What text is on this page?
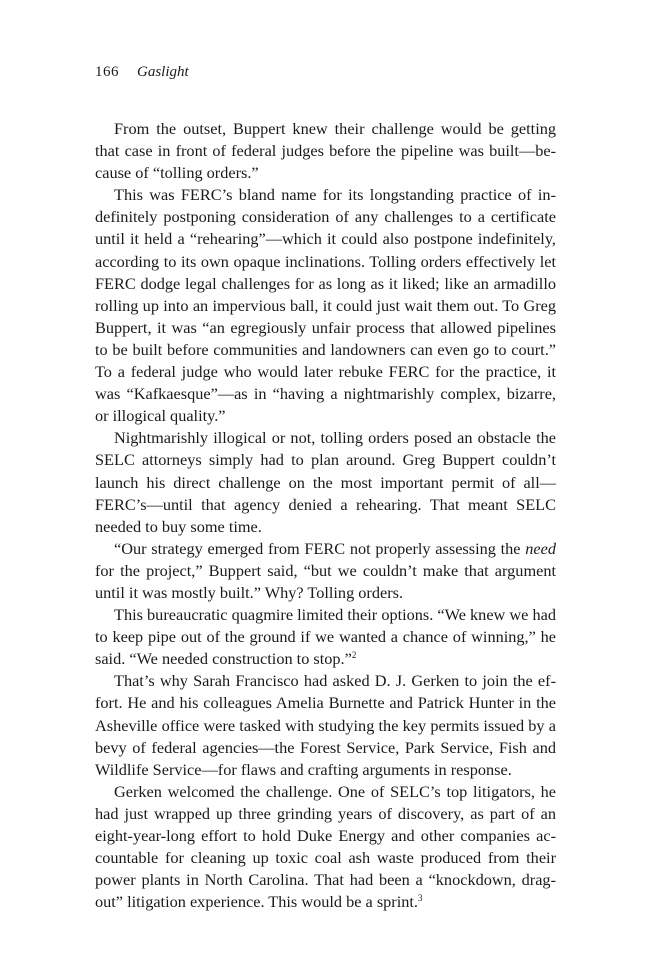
166 Gaslight

From the outset, Buppert knew their challenge would be getting that case in front of federal judges before the pipeline was built—because of “tolling orders.”

This was FERC’s bland name for its longstanding practice of indefinitely postponing consideration of any challenges to a certificate until it held a “rehearing”—which it could also postpone indefinitely, according to its own opaque inclinations. Tolling orders effectively let FERC dodge legal challenges for as long as it liked; like an armadillo rolling up into an impervious ball, it could just wait them out. To Greg Buppert, it was “an egregiously unfair process that allowed pipelines to be built before communities and landowners can even go to court.” To a federal judge who would later rebuke FERC for the practice, it was “Kafkaesque”—as in “having a nightmarishly complex, bizarre, or illogical quality.”

Nightmarishly illogical or not, tolling orders posed an obstacle the SELC attorneys simply had to plan around. Greg Buppert couldn’t launch his direct challenge on the most important permit of all—FERC’s—until that agency denied a rehearing. That meant SELC needed to buy some time.

“Our strategy emerged from FERC not properly assessing the need for the project,” Buppert said, “but we couldn’t make that argument until it was mostly built.” Why? Tolling orders.

This bureaucratic quagmire limited their options. “We knew we had to keep pipe out of the ground if we wanted a chance of winning,” he said. “We needed construction to stop.”$^2$

That’s why Sarah Francisco had asked D. J. Gerken to join the effort. He and his colleagues Amelia Burnette and Patrick Hunter in the Asheville office were tasked with studying the key permits issued by a bevy of federal agencies—the Forest Service, Park Service, Fish and Wildlife Service—for flaws and crafting arguments in response.

Gerken welcomed the challenge. One of SELC’s top litigators, he had just wrapped up three grinding years of discovery, as part of an eight-year-long effort to hold Duke Energy and other companies accountable for cleaning up toxic coal ash waste produced from their power plants in North Carolina. That had been a “knockdown, drag-out” litigation experience. This would be a sprint.$^3$
